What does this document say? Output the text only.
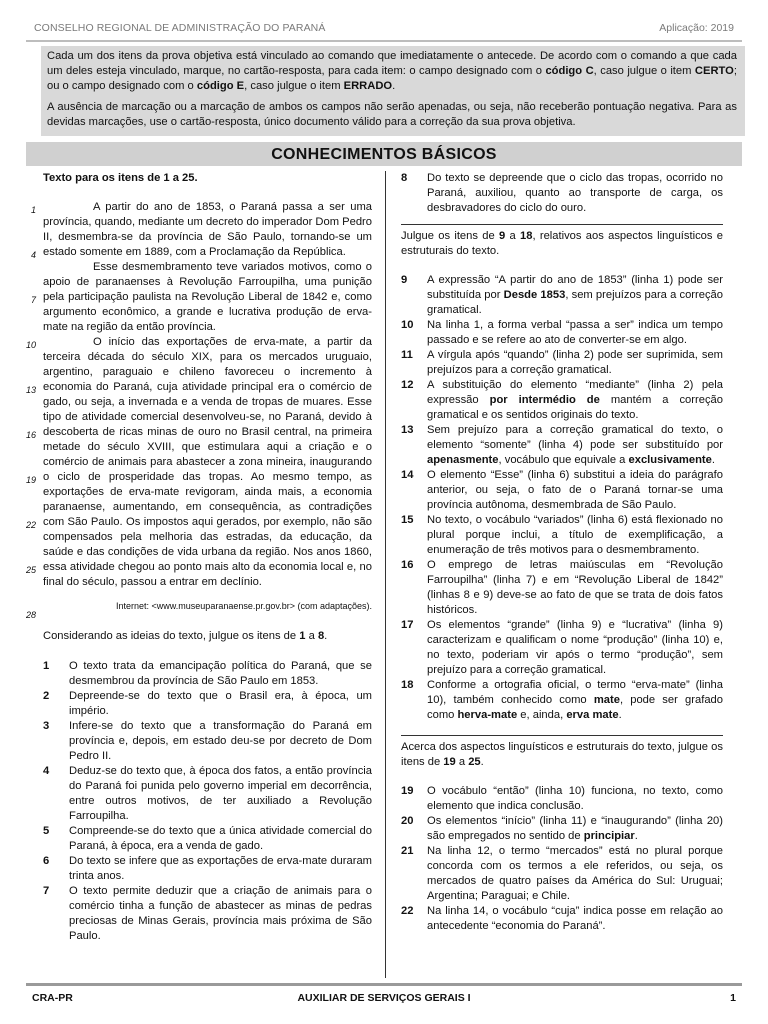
CONSELHO REGIONAL DE ADMINISTRAÇÃO DO PARANÁ	Aplicação: 2019

Cada um dos itens da prova objetiva está vinculado ao comando que imediatamente o antecede. De acordo com o comando a que cada um deles esteja vinculado, marque, no cartão-resposta, para cada item: o campo designado com o código C, caso julgue o item CERTO; ou o campo designado com o código E, caso julgue o item ERRADO.

A ausência de marcação ou a marcação de ambos os campos não serão apenadas, ou seja, não receberão pontuação negativa. Para as devidas marcações, use o cartão-resposta, único documento válido para a correção da sua prova objetiva.

CONHECIMENTOS BÁSICOS
Texto para os itens de 1 a 25.
1
4
7
10
13
16
19
22
25
28

A partir do ano de 1853, o Paraná passa a ser uma província, quando, mediante um decreto do imperador Dom Pedro II, desmembra-se da província de São Paulo, tornando-se um estado somente em 1889, com a Proclamação da República.

Esse desmembramento teve variados motivos, como o apoio de paranaenses à Revolução Farroupilha, uma punição pela participação paulista na Revolução Liberal de 1842 e, como argumento econômico, a grande e lucrativa produção de erva-mate na região da então província.

O início das exportações de erva-mate, a partir da terceira década do século XIX, para os mercados uruguaio, argentino, paraguaio e chileno favoreceu o incremento à economia do Paraná, cuja atividade principal era o comércio de gado, ou seja, a invernada e a venda de tropas de muares. Esse tipo de atividade comercial desenvolveu-se, no Paraná, devido à descoberta de ricas minas de ouro no Brasil central, na primeira metade do século XVIII, que estimulara aqui a criação e o comércio de animais para abastecer a zona mineira, inaugurando o ciclo de prosperidade das tropas. Ao mesmo tempo, as exportações de erva-mate revigoram, ainda mais, a economia paranaense, aumentando, em consequência, as contradições com São Paulo. Os impostos aqui gerados, por exemplo, não são compensados pela melhoria das estradas, da educação, da saúde e das condições de vida urbana da região. Nos anos 1860, essa atividade chegou ao ponto mais alto da economia local e, no final do século, passou a entrar em declínio.

Internet: <www.museuparanaense.pr.gov.br> (com adaptações).
Considerando as ideias do texto, julgue os itens de 1 a 8.
1	O texto trata da emancipação política do Paraná, que se desmembrou da província de São Paulo em 1853.
2	Depreende-se do texto que o Brasil era, à época, um império.
3	Infere-se do texto que a transformação do Paraná em província e, depois, em estado deu-se por decreto de Dom Pedro II.
4	Deduz-se do texto que, à época dos fatos, a então província do Paraná foi punida pelo governo imperial em decorrência, entre outros motivos, de ter auxiliado a Revolução Farroupilha.
5	Compreende-se do texto que a única atividade comercial do Paraná, à época, era a venda de gado.
6	Do texto se infere que as exportações de erva-mate duraram trinta anos.
7	O texto permite deduzir que a criação de animais para o comércio tinha a função de abastecer as minas de pedras preciosas de Minas Gerais, província mais próxima de São Paulo.
8	Do texto se depreende que o ciclo das tropas, ocorrido no Paraná, auxiliou, quanto ao transporte de carga, os desbravadores do ciclo do ouro.
Julgue os itens de 9 a 18, relativos aos aspectos linguísticos e estruturais do texto.
9	A expressão “A partir do ano de 1853” (linha 1) pode ser substituída por Desde 1853, sem prejuízos para a correção gramatical.
10	Na linha 1, a forma verbal “passa a ser” indica um tempo passado e se refere ao ato de converter-se em algo.
11	A vírgula após “quando” (linha 2) pode ser suprimida, sem prejuízos para a correção gramatical.
12	A substituição do elemento “mediante” (linha 2) pela expressão por intermédio de mantém a correção gramatical e os sentidos originais do texto.
13	Sem prejuízo para a correção gramatical do texto, o elemento “somente” (linha 4) pode ser substituído por apenasmente, vocábulo que equivale a exclusivamente.
14	O elemento “Esse” (linha 6) substitui a ideia do parágrafo anterior, ou seja, o fato de o Paraná tornar-se uma província autônoma, desmembrada de São Paulo.
15	No texto, o vocábulo “variados” (linha 6) está flexionado no plural porque inclui, a título de exemplificação, a enumeração de três motivos para o desmembramento.
16	O emprego de letras maiúsculas em “Revolução Farroupilha” (linha 7) e em “Revolução Liberal de 1842” (linhas 8 e 9) deve-se ao fato de que se trata de dois fatos históricos.
17	Os elementos “grande” (linha 9) e “lucrativa” (linha 9) caracterizam e qualificam o nome “produção” (linha 10) e, no texto, poderiam vir após o termo “produção”, sem prejuízo para a correção gramatical.
18	Conforme a ortografia oficial, o termo “erva-mate” (linha 10), também conhecido como mate, pode ser grafado como herva-mate e, ainda, erva mate.
Acerca dos aspectos linguísticos e estruturais do texto, julgue os itens de 19 a 25.
19	O vocábulo “então” (linha 10) funciona, no texto, como elemento que indica conclusão.
20	Os elementos “início” (linha 11) e “inaugurando” (linha 20) são empregados no sentido de principiar.
21	Na linha 12, o termo “mercados” está no plural porque concorda com os termos a ele referidos, ou seja, os mercados de quatro países da América do Sul: Uruguai; Argentina; Paraguai; e Chile.
22	Na linha 14, o vocábulo “cuja” indica posse em relação ao antecedente “economia do Paraná”.
CRA-PR	AUXILIAR DE SERVIÇOS GERAIS I	1
